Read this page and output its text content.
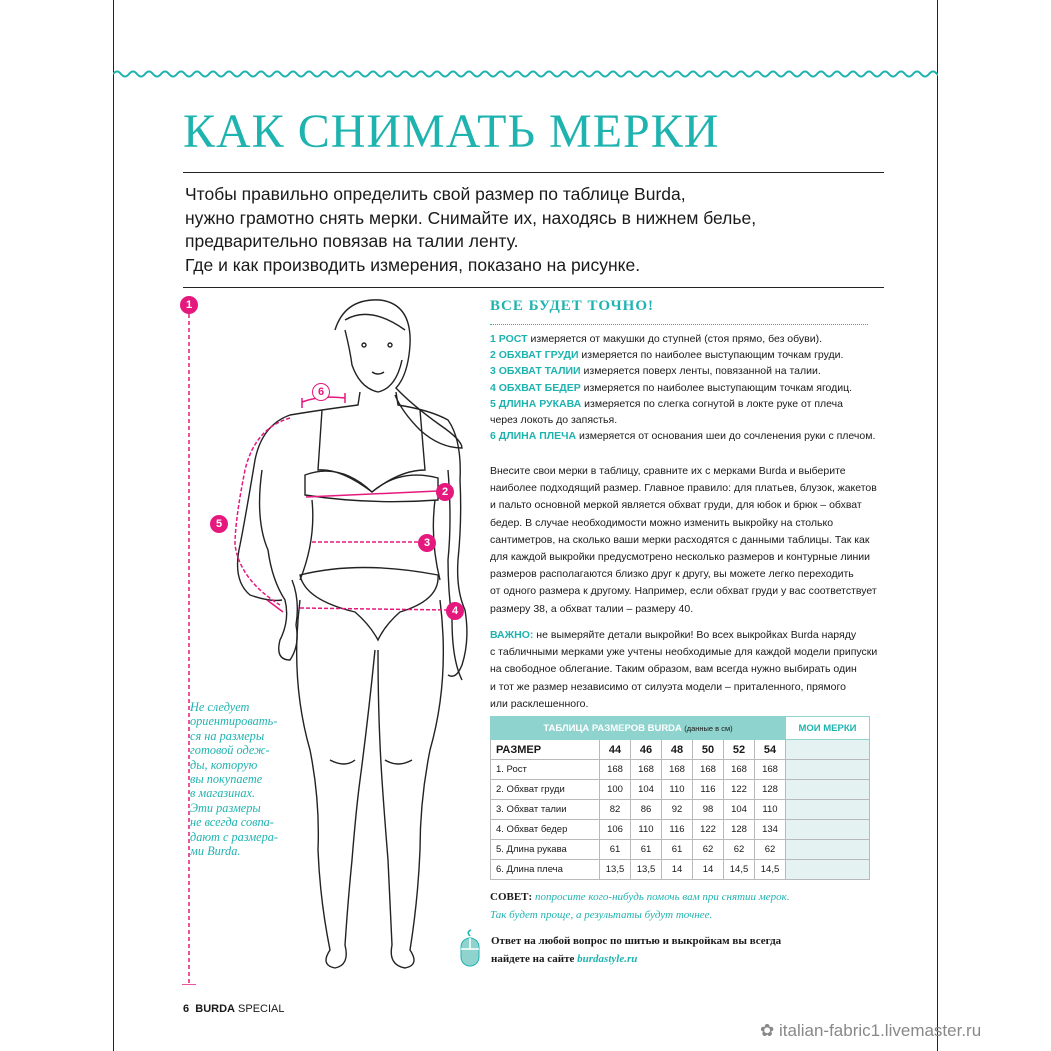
КАК СНИМАТЬ МЕРКИ
Чтобы правильно определить свой размер по таблице Burda,
нужно грамотно снять мерки. Снимайте их, находясь в нижнем белье,
предварительно повязав на талии ленту.
Где и как производить измерения, показано на рисунке.
1
2
3
4
5
6
Не следует
ориентировать-
ся на размеры
готовой одеж-
ды, которую
вы покупаете
в магазинах.
Эти размеры
не всегда совпа-
дают с размера-
ми Burda.
ВСЕ БУДЕТ ТОЧНО!
1 РОСТ измеряется от макушки до ступней (стоя прямо, без обуви).
2 ОБХВАТ ГРУДИ измеряется по наиболее выступающим точкам груди.
3 ОБХВАТ ТАЛИИ измеряется поверх ленты, повязанной на талии.
4 ОБХВАТ БЕДЕР измеряется по наиболее выступающим точкам ягодиц.
5 ДЛИНА РУКАВА измеряется по слегка согнутой в локте руке от плеча
через локоть до запястья.
6 ДЛИНА ПЛЕЧА измеряется от основания шеи до сочленения руки с плечом.
Внесите свои мерки в таблицу, сравните их с мерками Burda и выберите
наиболее подходящий размер. Главное правило: для платьев, блузок, жакетов
и пальто основной меркой является обхват груди, для юбок и брюк – обхват
бедер. В случае необходимости можно изменить выкройку на столько
сантиметров, на сколько ваши мерки расходятся с данными таблицы. Так как
для каждой выкройки предусмотрено несколько размеров и контурные линии
размеров располагаются близко друг к другу, вы можете легко переходить
от одного размера к другому. Например, если обхват груди у вас соответствует
размеру 38, а обхват талии – размеру 40.
ВАЖНО: не вымеряйте детали выкройки! Во всех выкройках Burda наряду
с табличными мерками уже учтены необходимые для каждой модели припуски
на свободное облегание. Таким образом, вам всегда нужно выбирать один
и тот же размер независимо от силуэта модели – приталенного, прямого
или расклешенного.
ТАБЛИЦА РАЗМЕРОВ BURDA (данные в см)							МОИ МЕРКИ
РАЗМЕР	44	46	48	50	52	54	
1. Рост	168	168	168	168	168	168	
2. Обхват груди	100	104	110	116	122	128	
3. Обхват талии	82	86	92	98	104	110	
4. Обхват бедер	106	110	116	122	128	134	
5. Длина рукава	61	61	61	62	62	62	
6. Длина плеча	13,5	13,5	14	14	14,5	14,5	
СОВЕТ: попросите кого-нибудь помочь вам при снятии мерок.
Так будет проще, а результаты будут точнее.
Ответ на любой вопрос по шитью и выкройкам вы всегда
найдете на сайте burdastyle.ru
6 BURDA SPECIAL
✿ italian-fabric1.livemaster.ru
